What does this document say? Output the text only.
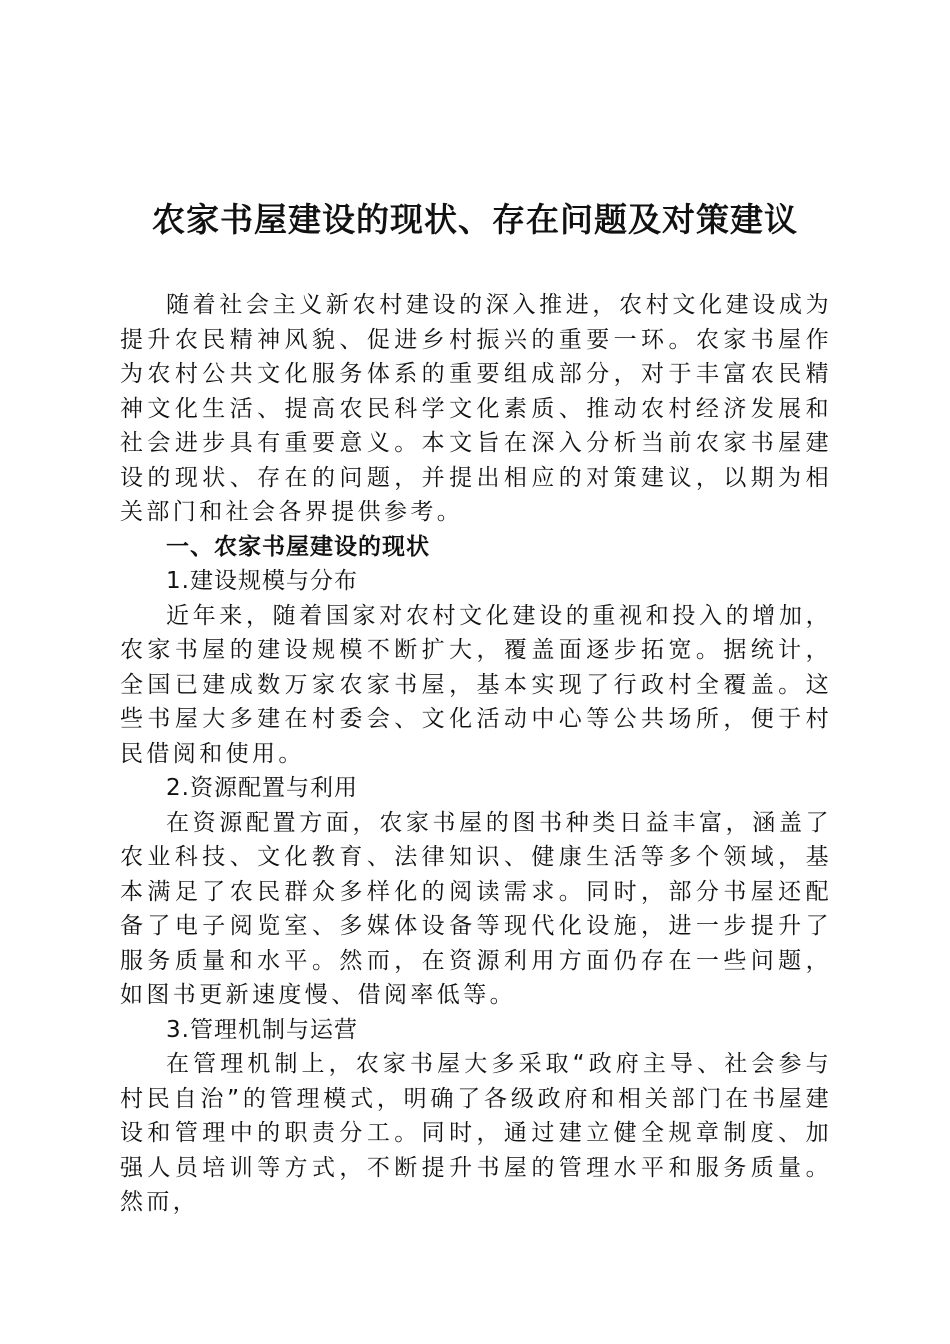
农家书屋建设的现状、存在问题及对策建议

随着社会主义新农村建设的深入推进，农村文化建设成为提升农民精神风貌、促进乡村振兴的重要一环。农家书屋作为农村公共文化服务体系的重要组成部分，对于丰富农民精神文化生活、提高农民科学文化素质、推动农村经济发展和社会进步具有重要意义。本文旨在深入分析当前农家书屋建设的现状、存在的问题，并提出相应的对策建议，以期为相关部门和社会各界提供参考。

一、农家书屋建设的现状

1.建设规模与分布

近年来，随着国家对农村文化建设的重视和投入的增加，农家书屋的建设规模不断扩大，覆盖面逐步拓宽。据统计，全国已建成数万家农家书屋，基本实现了行政村全覆盖。这些书屋大多建在村委会、文化活动中心等公共场所，便于村民借阅和使用。

2.资源配置与利用

在资源配置方面，农家书屋的图书种类日益丰富，涵盖了农业科技、文化教育、法律知识、健康生活等多个领域，基本满足了农民群众多样化的阅读需求。同时，部分书屋还配备了电子阅览室、多媒体设备等现代化设施，进一步提升了服务质量和水平。然而，在资源利用方面仍存在一些问题，如图书更新速度慢、借阅率低等。

3.管理机制与运营

在管理机制上，农家书屋大多采取“政府主导、社会参与村民自治”的管理模式，明确了各级政府和相关部门在书屋建设和管理中的职责分工。同时，通过建立健全规章制度、加强人员培训等方式，不断提升书屋的管理水平和服务质量。然而，
